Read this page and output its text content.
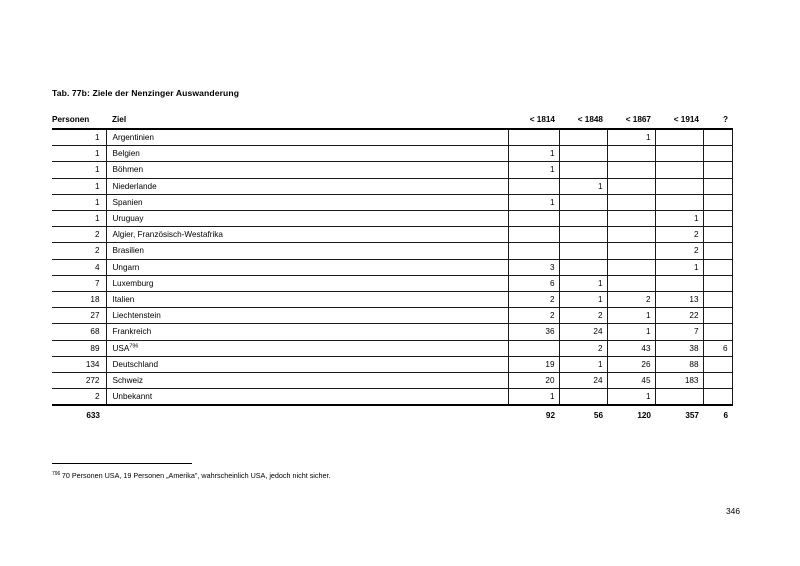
Tab. 77b: Ziele der Nenzinger Auswanderung
Personen	Ziel	< 1814	< 1848	< 1867	< 1914	?
1	Argentinien			1		
1	Belgien	1				
1	Böhmen	1				
1	Niederlande		1			
1	Spanien	1				
1	Uruguay				1	
2	Algier, Französisch-Westafrika				2	
2	Brasilien				2	
4	Ungarn	3			1	
7	Luxemburg	6	1			
18	Italien	2	1	2	13	
27	Liechtenstein	2	2	1	22	
68	Frankreich	36	24	1	7	
89	USA$^{796}$		2	43	38	6
134	Deutschland	19	1	26	88	
272	Schweiz	20	24	45	183	
2	Unbekannt	1		1		
633		92	56	120	357	6
$^{796}$ 70 Personen USA, 19 Personen „Amerika", wahrscheinlich USA, jedoch nicht sicher.
346
